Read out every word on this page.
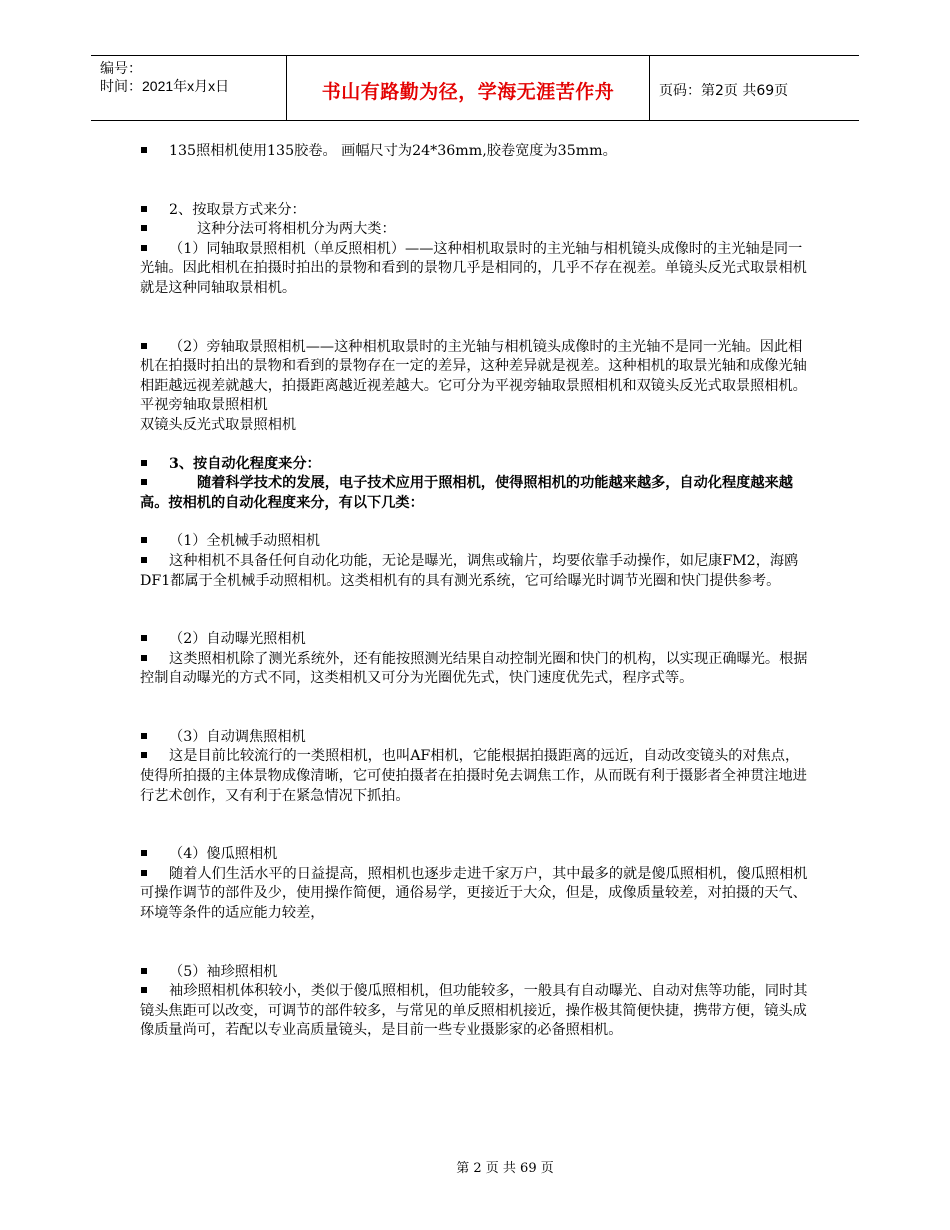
编号：
时间：2021年x月x日	书山有路勤为径，学海无涯苦作舟	页码：第2页 共69页

135照相机使用135胶卷。 画幅尺寸为24*36mm,胶卷宽度为35mm。

2、按取景方式来分：

这种分法可将相机分为两大类：

（1）同轴取景照相机（单反照相机）——这种相机取景时的主光轴与相机镜头成像时的主光轴是同一光轴。因此相机在拍摄时拍出的景物和看到的景物几乎是相同的，几乎不存在视差。单镜头反光式取景相机就是这种同轴取景相机。

（2）旁轴取景照相机——这种相机取景时的主光轴与相机镜头成像时的主光轴不是同一光轴。因此相机在拍摄时拍出的景物和看到的景物存在一定的差异，这种差异就是视差。这种相机的取景光轴和成像光轴相距越远视差就越大，拍摄距离越近视差越大。它可分为平视旁轴取景照相机和双镜头反光式取景照相机。

平视旁轴取景照相机

双镜头反光式取景照相机

3、按自动化程度来分：

随着科学技术的发展，电子技术应用于照相机，使得照相机的功能越来越多，自动化程度越来越高。按相机的自动化程度来分，有以下几类：

（1）全机械手动照相机

这种相机不具备任何自动化功能，无论是曝光，调焦或输片，均要依靠手动操作，如尼康FM2，海鸥DF1都属于全机械手动照相机。这类相机有的具有测光系统，它可给曝光时调节光圈和快门提供参考。

（2）自动曝光照相机

这类照相机除了测光系统外，还有能按照测光结果自动控制光圈和快门的机构，以实现正确曝光。根据控制自动曝光的方式不同，这类相机又可分为光圈优先式，快门速度优先式，程序式等。

（3）自动调焦照相机

这是目前比较流行的一类照相机，也叫AF相机，它能根据拍摄距离的远近，自动改变镜头的对焦点，使得所拍摄的主体景物成像清晰，它可使拍摄者在拍摄时免去调焦工作，从而既有利于摄影者全神贯注地进行艺术创作，又有利于在紧急情况下抓拍。

（4）傻瓜照相机

随着人们生活水平的日益提高，照相机也逐步走进千家万户，其中最多的就是傻瓜照相机，傻瓜照相机可操作调节的部件及少，使用操作简便，通俗易学，更接近于大众，但是，成像质量较差，对拍摄的天气、环境等条件的适应能力较差，

（5）袖珍照相机

袖珍照相机体积较小，类似于傻瓜照相机，但功能较多，一般具有自动曝光、自动对焦等功能，同时其镜头焦距可以改变，可调节的部件较多，与常见的单反照相机接近，操作极其简便快捷，携带方便，镜头成像质量尚可，若配以专业高质量镜头，是目前一些专业摄影家的必备照相机。

第 2 页 共 69 页
